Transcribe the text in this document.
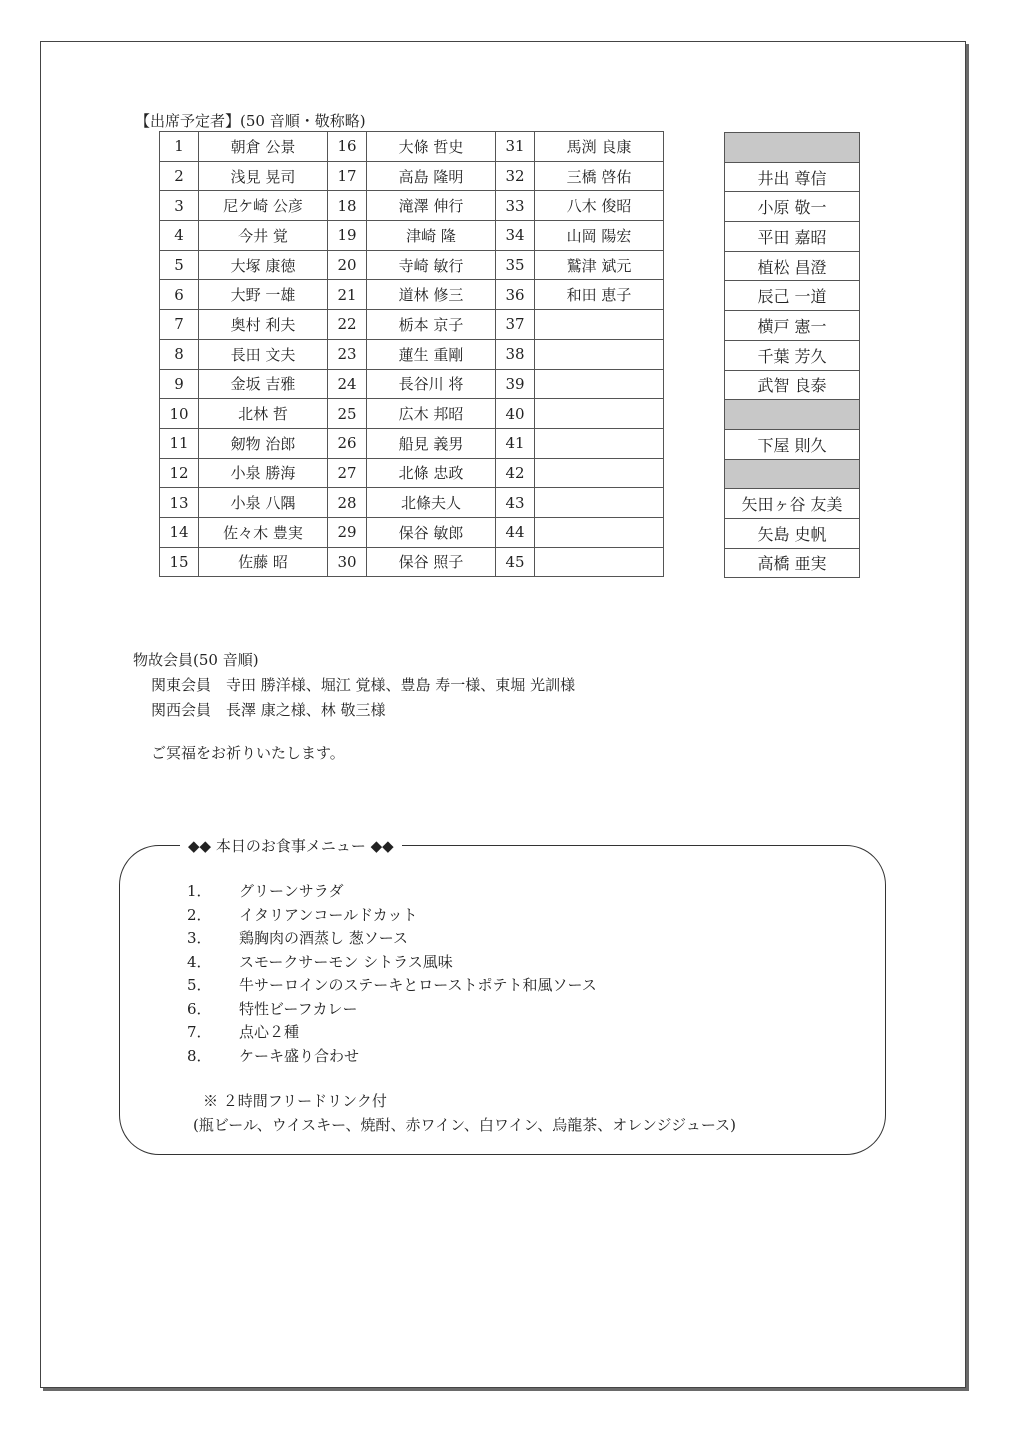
【出席予定者】(50 音順・敬称略)
1	朝倉 公景	16	大條 哲史	31	馬渕 良康
2	浅見 晃司	17	高島 隆明	32	三橋 啓佑
3	尼ケ崎 公彦	18	滝澤 伸行	33	八木 俊昭
4	今井 覚	19	津崎 隆	34	山岡 陽宏
5	大塚 康徳	20	寺崎 敏行	35	鷲津 斌元
6	大野 一雄	21	道林 修三	36	和田 恵子
7	奥村 利夫	22	栃本 京子	37	
8	長田 文夫	23	蓮生 重剛	38	
9	金坂 吉雅	24	長谷川 将	39	
10	北林 哲	25	広木 邦昭	40	
11	剱物 治郎	26	船見 義男	41	
12	小泉 勝海	27	北條 忠政	42	
13	小泉 八隅	28	北條夫人	43	
14	佐々木 豊実	29	保谷 敏郎	44	
15	佐藤 昭	30	保谷 照子	45	

井出 尊信
小原 敬一
平田 嘉昭
植松 昌澄
辰己 一道
横戸 憲一
千葉 芳久
武智 良泰

下屋 則久

矢田ヶ谷 友美
矢島 史帆
高橋 亜実
物故会員(50 音順)
関東会員　寺田 勝洋様、堀江 覚様、豊島 寿一様、東堀 光訓様
関西会員　長澤 康之様、林 敬三様
ご冥福をお祈りいたします。
◆◆ 本日のお食事メニュー ◆◆
1． グリーンサラダ
2． イタリアンコールドカット
3． 鶏胸肉の酒蒸し 葱ソース
4． スモークサーモン シトラス風味
5． 牛サーロインのステーキとローストポテト和風ソース
6． 特性ビーフカレー
7． 点心２種
8． ケーキ盛り合わせ
※ ２時間フリードリンク付
(瓶ビール、ウイスキー、焼酎、赤ワイン、白ワイン、烏龍茶、オレンジジュース)
